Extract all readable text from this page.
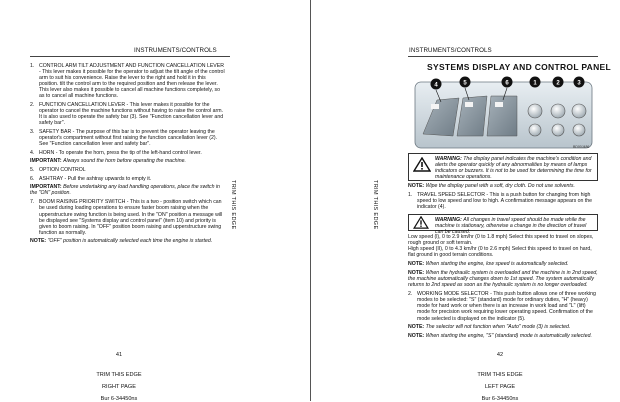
INSTRUMENTS/CONTROLS
1. CONTROL ARM TILT ADJUSTMENT AND FUNCTION CANCELLATION LEVER - This lever makes it possible for the operator to adjust the tilt angle of the control arm to suit his convenience. Raise the lever to the right and hold it in this position. tilt the control arm to the required position and then release the lever. This lever also makes it possible to cancel all machine functions completely, so as to cancel all machine functions.
2. FUNCTION CANCELLATION LEVER - This lever makes it possible for the operator to cancel the machine functions without having to raise the control arm. It is also used to operate the safety bar (3). See "Function cancellation lever and safety bar".
3. SAFETY BAR - The purpose of this bar is to prevent the operator leaving the operator's compartment without first raising the function cancellation lever (2). See "Function cancellation lever and safety bar".
4. HORN - To operate the horn, press the tip of the left-hand control lever.

IMPORTANT: Always sound the horn before operating the machine.

5. OPTION CONTROL
6. ASHTRAY - Pull the ashtray upwards to empty it.

IMPORTANT: Before undertaking any load handling operations, place the switch in the "ON" position.

7. BOOM RAISING PRIORITY SWITCH - This is a two - position switch which can be used during loading operations to ensure faster boom raising when the upperstructure swing function is being used. In the "ON" position a message will be displayed see "Systems display and control panel" (item 10) and priority is given to boom raising. In "OFF" position boom raising and upperstructure swing function as normally.

NOTE: "OFF" position is automatically selected each time the engine is started.

TRIM THIS EDGE
41
TRIM THIS EDGE
RIGHT PAGE
Bur 6-34450ns
INSTRUMENTS/CONTROLS
SYSTEMS DISPLAY AND CONTROL PANEL
4	5	6	1	2	3
BD00J486
WARNING: The display panel indicates the machine's condition and alerts the operator quickly of any abnormalities by means of lamps indicators or buzzers. It is not to be used for determining the time for maintenance operations.

NOTE: Wipe the display panel with a soft, dry cloth. Do not use solvents.

1. TRAVEL SPEED SELECTOR - This is a push button for changing from high speed to low speed and low to high. A confirmation message appears on the indicator (4).
WARNING: All changes in travel speed should be made while the machine is stationary, otherwise a change in the direction of travel can be caused.

Low speed (l), 0 to 2.9 km/hr (0 to 1.8 mph) Select this speed to travel on slopes, rough ground or soft terrain.

High speed (II), 0 to 4.3 km/hr (0 to 2.6 mph) Select this speed to travel on hard, flat ground in good terrain conditions.

NOTE: When starting the engine, low speed is automatically selected.

NOTE: When the hydraulic system is overloaded and the machine is in 2nd speed, the machine automatically changes down to 1st speed. The system automatically returns to 2nd speed as soon as the hydraulic system is no longer overloaded.

2. WORKING MODE SELECTOR - This push button allows one of three working modes to be selected: "S" (standard) mode for ordinary duties, "H" (heavy) mode for hard work or when there is an increase in work load and "L" (lift) mode for precision work requiring lower operating speed. Confirmation of the mode selected is displayed on the indicator (5).

NOTE: The selector will not function when "Auto" mode (3) is selected.

NOTE: When starting the engine, "S" (standard) mode is automatically selected.

TRIM THIS EDGE
42
TRIM THIS EDGE
LEFT PAGE
Bur 6-34450ns
